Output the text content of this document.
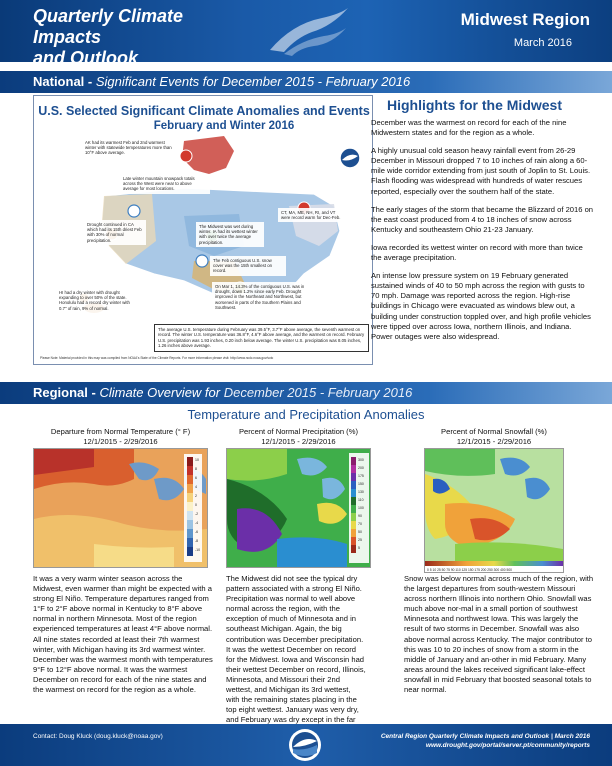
Quarterly Climate Impacts
and Outlook
Midwest Region
March 2016
National - Significant Events for December 2015 - February 2016
U.S. Selected Significant Climate Anomalies and Events
February and Winter 2016
AK had its warmest Feb and 2nd warmest winter with statewide temperatures more than 10°F above average.
Late winter mountain snowpack totals across the West were near to above average for most locations.
Drought continued in CA which had its 15th driest Feb with 30% of normal precipitation.
The Midwest was wet during winter. IA had its wettest winter with over twice the average precipitation.
The Feb contiguous U.S. snow cover was the 15th smallest on record.
CT, MA, ME, NH, RI, and VT were record warm for Dec-Feb.
HI had a dry winter with drought expanding to over 50% of the state. Honolulu had a record dry winter with 0.7" of rain, 9% of normal.
On Mar 1, 14.3% of the contiguous U.S. was in drought, down 1.2% since early Feb. Drought improved in the Northeast and Northwest, but worsened in parts of the Southern Plains and Southwest.
The average U.S. temperature during February was 39.5°F, 3.7°F above average, the seventh warmest on record. The winter U.S. temperature was 36.8°F, 4.6°F above average, and the warmest on record. February U.S. precipitation was 1.93 inches, 0.20 inch below average. The winter U.S. precipitation was 8.05 inches, 1.26 inches above average.
Please Note: Material provided in this map was compiled from NOAA's State of the Climate Reports. For more information please visit: http://www.ncdc.noaa.gov/sotc
Highlights for the Midwest

December was the warmest on record for each of the nine Midwestern states and for the region as a whole.

A highly unusual cold season heavy rainfall event from 26-29 December in Missouri dropped 7 to 10 inches of rain along a 60-mile wide corridor extending from just south of Joplin to St. Louis. Flash flooding was widespread with hundreds of water rescues reported, especially over the southern half of the state.

The early stages of the storm that became the Blizzard of 2016 on the east coast produced from 4 to 18 inches of snow across Kentucky and southeastern Ohio 21-23 January.

Iowa recorded its wettest winter on record with more than twice the average precipitation.

An intense low pressure system on 19 February generated sustained winds of 40 to 50 mph across the region with gusts to 70 mph. Damage was reported across the region. High-rise buildings in Chicago were evacuated as windows blew out, a building under construction toppled over, and high profile vehicles were tipped over across Iowa, northern Illinois, and Indiana. Power outages were also widespread.

Regional - Climate Overview for December 2015 - February 2016
Temperature and Precipitation Anomalies
Departure from Normal Temperature (° F)
12/1/2015 - 2/29/2016
10
8
6
4
2
0
-2
-4
-6
-8
-10
It was a very warm winter season across the Midwest, even warmer than might be expected with a strong El Niño. Temperature departures ranged from 1°F to 2°F above normal in Kentucky to 8°F above normal in northern Minnesota. Most of the region experienced temperatures at least 4°F above normal. All nine states recorded at least their 7th warmest winter, with Michigan having its 3rd warmest winter. December was the warmest month with temperatures 9°F to 12°F above normal. It was the warmest December on record for each of the nine states and the warmest on record for the region as a whole.
Percent of Normal Precipitation (%)
12/1/2015 - 2/29/2016
300
200
175
150
130
110
100
90
70
50
25
5
The Midwest did not see the typical dry pattern associated with a strong El Niño. Precipitation was normal to well above normal across the region, with the exception of much of Minnesota and in southeast Michigan. Again, the big contribution was December precipitation. It was the wettest December on record for the Midwest. Iowa and Wisconsin had their wettest December on record, Illinois, Minnesota, and Missouri their 2nd wettest, and Michigan its 3rd wettest, with the remaining states placing in the top eight wettest. January was very dry, and February was dry except in the far
Percent of Normal Snowfall (%)
12/1/2015 - 2/29/2016
0 5 10 25 50 75 90 110 125 150 175 200 250 300 400 500
Snow was below normal across much of the region, with the largest departures from south-western Missouri across northern Illinois into northern Ohio. Snowfall was much above nor-mal in a small portion of southwest Minnesota and northwest Iowa. This was largely the result of two storms in December. Snowfall was also above normal across Kentucky. The major contributor to this was 10 to 20 inches of snow from a storm in the middle of January and an-other in mid February. Many areas around the lakes received significant lake-effect snowfall in mid February that boosted seasonal totals to near normal.
Contact: Doug Kluck (doug.kluck@noaa.gov)	Central Region Quarterly Climate Impacts and Outlook | March 2016
www.drought.gov/portal/server.pt/community/reports
